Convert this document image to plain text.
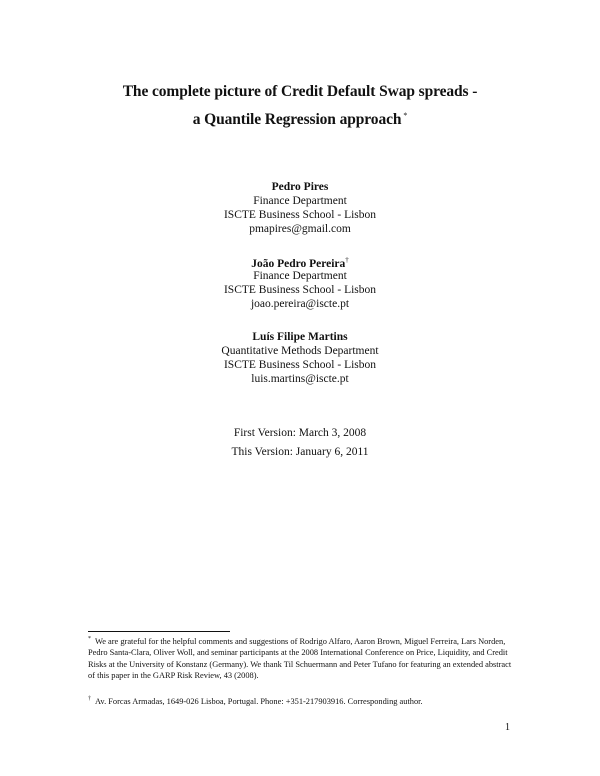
The complete picture of Credit Default Swap spreads -
a Quantile Regression approach *
Pedro Pires
Finance Department
ISCTE Business School - Lisbon
pmapires@gmail.com
João Pedro Pereira†
Finance Department
ISCTE Business School - Lisbon
joao.pereira@iscte.pt
Luís Filipe Martins
Quantitative Methods Department
ISCTE Business School - Lisbon
luis.martins@iscte.pt
First Version: March 3, 2008
This Version: January 6, 2011
* We are grateful for the helpful comments and suggestions of Rodrigo Alfaro, Aaron Brown, Miguel Ferreira, Lars Norden, Pedro Santa-Clara, Oliver Woll, and seminar participants at the 2008 International Conference on Price, Liquidity, and Credit Risks at the University of Konstanz (Germany). We thank Til Schuermann and Peter Tufano for featuring an extended abstract of this paper in the GARP Risk Review, 43 (2008).
† Av. Forcas Armadas, 1649-026 Lisboa, Portugal. Phone: +351-217903916. Corresponding author.
1
